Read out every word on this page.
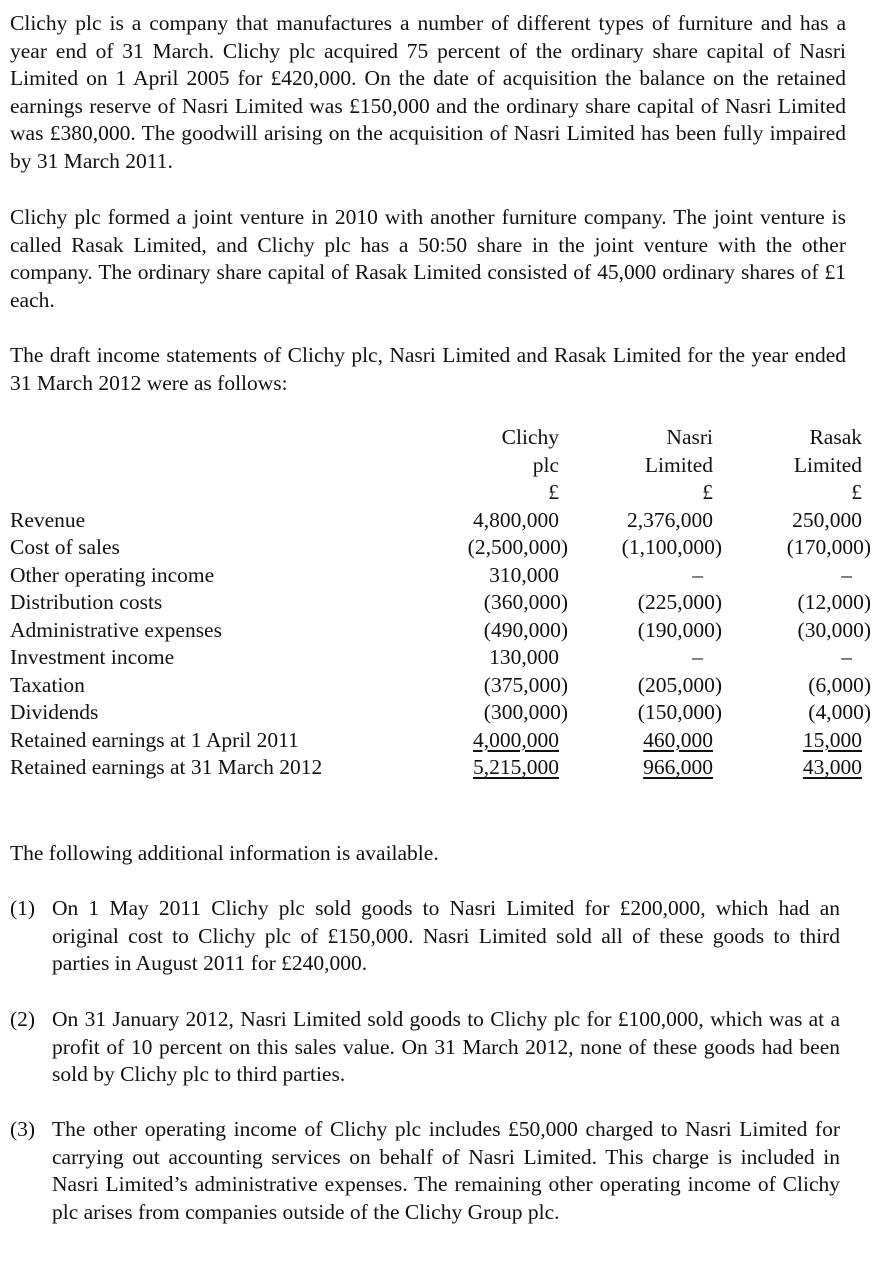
Clichy plc is a company that manufactures a number of different types of furniture and has a year end of 31 March. Clichy plc acquired 75 percent of the ordinary share capital of Nasri Limited on 1 April 2005 for £420,000. On the date of acquisition the balance on the retained earnings reserve of Nasri Limited was £150,000 and the ordinary share capital of Nasri Limited was £380,000. The goodwill arising on the acquisition of Nasri Limited has been fully impaired by 31 March 2011.

Clichy plc formed a joint venture in 2010 with another furniture company. The joint venture is called Rasak Limited, and Clichy plc has a 50:50 share in the joint venture with the other company. The ordinary share capital of Rasak Limited consisted of 45,000 ordinary shares of £1 each.

The draft income statements of Clichy plc, Nasri Limited and Rasak Limited for the year ended 31 March 2012 were as follows:

	Clichy	Nasri	Rasak
	plc	Limited	Limited
	£	£	£
Revenue	4,800,000	2,376,000	250,000
Cost of sales	(2,500,000)	(1,100,000)	(170,000)
Other operating income	310,000	–	–
Distribution costs	(360,000)	(225,000)	(12,000)
Administrative expenses	(490,000)	(190,000)	(30,000)
Investment income	130,000	–	–
Taxation	(375,000)	(205,000)	(6,000)
Dividends	(300,000)	(150,000)	(4,000)
Retained earnings at 1 April 2011	4,000,000	460,000	15,000
Retained earnings at 31 March 2012	5,215,000	966,000	43,000

The following additional information is available.

(1) On 1 May 2011 Clichy plc sold goods to Nasri Limited for £200,000, which had an original cost to Clichy plc of £150,000. Nasri Limited sold all of these goods to third parties in August 2011 for £240,000.
(2) On 31 January 2012, Nasri Limited sold goods to Clichy plc for £100,000, which was at a profit of 10 percent on this sales value. On 31 March 2012, none of these goods had been sold by Clichy plc to third parties.
(3) The other operating income of Clichy plc includes £50,000 charged to Nasri Limited for carrying out accounting services on behalf of Nasri Limited. This charge is included in Nasri Limited’s administrative expenses. The remaining other operating income of Clichy plc arises from companies outside of the Clichy Group plc.
